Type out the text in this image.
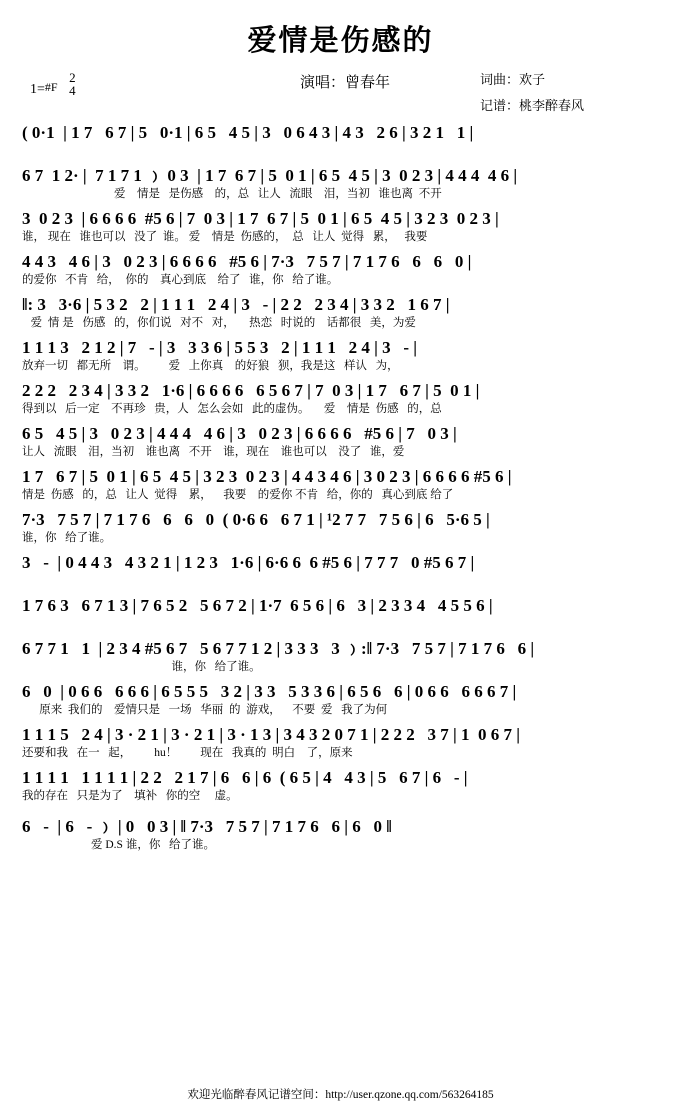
爱情是伤感的
1=#F
2
4	演唱：曾春年	词曲：欢子
记谱：桃李醉春风
( 0·1  | 1 7   6 7 | 5   0·1 | 6 5   4 5 | 3   0 6 4 3 | 4 3   2 6 | 3 2 1   1 |
6 7  1 2· |  7 1 7 1 ﹚ 0 3  | 1 7  6 7 | 5  0 1 | 6 5  4 5 | 3  0 2 3 | 4 4 4  4 6 |
爱    情是   是伤感    的，总   让人   流眼    泪，当初   谁也离  不开
3  0 2 3  | 6 6 6 6  #5 6 | 7  0 3 | 1 7  6 7 | 5  0 1 | 6 5  4 5 | 3 2 3  0 2 3 |
谁， 现在   谁也可以   没了  谁。 爱    情是  伤感的，  总   让人  觉得   累，   我要
4 4 3   4 6 | 3   0 2 3 | 6 6 6 6   #5 6 | 7·3   7 5 7 | 7 1 7 6   6   6   0 |
的爱你   不肯   给，  你的    真心到底    给了   谁，你   给了谁。
‖: 3   3·6 | 5 3 2   2 | 1 1 1   2 4 | 3   - | 2 2   2 3 4 | 3 3 2   1 6 7 |
爱  情 是   伤感   的，你们说   对不   对，     热恋   时说的    话都很   美，为爱
1 1 1 3   2 1 2 | 7   - | 3   3 3 6 | 5 5 3   2 | 1 1 1   2 4 | 3   - |
放弃一切   都无所    谓。        爱   上你真    的好狼   狈，我是这   样认   为，
2 2 2   2 3 4 | 3 3 2   1·6 | 6 6 6 6   6 5 6 7 | 7  0 3 | 1 7   6 7 | 5  0 1 |
得到以   后一定    不再珍   贵，人   怎么会如   此的虚伪。     爱    情是  伤感   的，总
6 5   4 5 | 3   0 2 3 | 4 4 4   4 6 | 3   0 2 3 | 6 6 6 6   #5 6 | 7   0 3 |
让人   流眼    泪，当初    谁也离   不开    谁，现在    谁也可以    没了   谁，爱
1 7   6 7 | 5  0 1 | 6 5  4 5 | 3 2 3  0 2 3 | 4 4 3 4 6 | 3 0 2 3 | 6 6 6 6 #5 6 |
情是  伤感   的，总   让人  觉得    累，    我要    的爱你 不肯   给，你的   真心到底 给了
7·3   7 5 7 | 7 1 7 6   6   6   0  ( 0·6 6   6 7 1 | ¹2 7 7   7 5 6 | 6   5·6 5 |
谁，你   给了谁。
3   -  | 0 4 4 3   4 3 2 1 | 1 2 3   1·6 | 6·6 6  6 #5 6 | 7 7 7   0 #5 6 7 |
1 7 6 3   6 7 1 3 | 7 6 5 2   5 6 7 2 | 1·7  6 5 6 | 6   3 | 2 3 3 4   4 5 5 6 |
6 7 7 1   1  | 2 3 4 #5 6 7   5 6 7 7 1 2 | 3 3 3   3 ﹚:‖ 7·3   7 5 7 | 7 1 7 6   6 |
谁，你   给了谁。
6   0  | 0 6 6   6 6 6 | 6 5 5 5   3 2 | 3 3   5 3 3 6 | 6 5 6   6 | 0 6 6   6 6 6 7 |
原来  我们的    爱情只是   一场   华丽  的  游戏，    不要  爱   我了为何
1 1 1 5   2 4 | 3 · 2 1 | 3 · 2 1 | 3 · 1 3 | 3 4 3 2 0 7 1 | 2 2 2   3 7 | 1  0 6 7 |
还要和我   在一   起，        hu！        现在   我真的  明白    了，原来
1 1 1 1   1 1 1 1 | 2 2   2 1 7 | 6   6 | 6  ( 6 5 | 4   4 3 | 5   6 7 | 6   - |
我的存在   只是为了    填补   你的空     虚。
6   -  | 6   - ﹚ | 0   0 3 | ‖ 7·3   7 5 7 | 7 1 7 6   6 | 6   0 ‖
爱 D.S 谁，你   给了谁。
欢迎光临醉春风记谱空间：http://user.qzone.qq.com/563264185
